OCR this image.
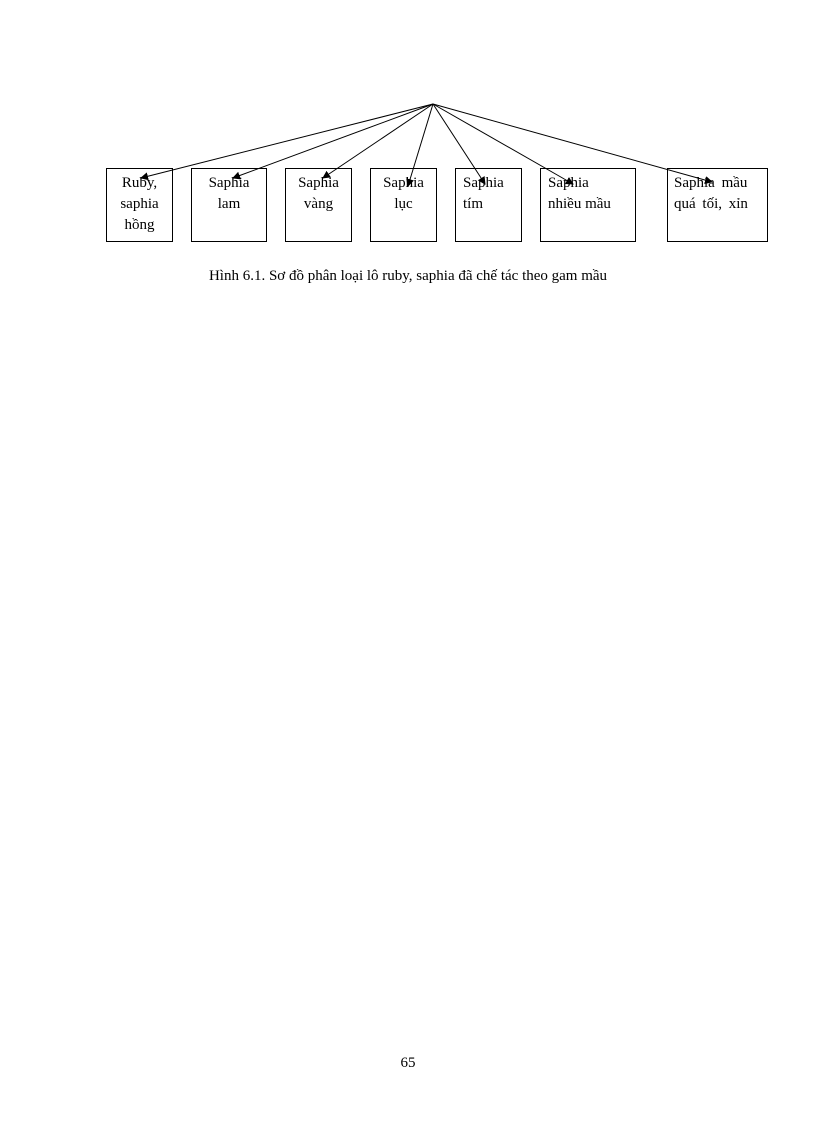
Ruby,
saphia
hồng
Saphia
lam
Saphia
vàng
Saphia
lục
Saphia
tím
Saphia
nhiều mầu
Saphia mầu
quá tối, xỉn
Hình 6.1. Sơ đồ phân loại lô ruby, saphia đã chế tác theo gam mầu
65
